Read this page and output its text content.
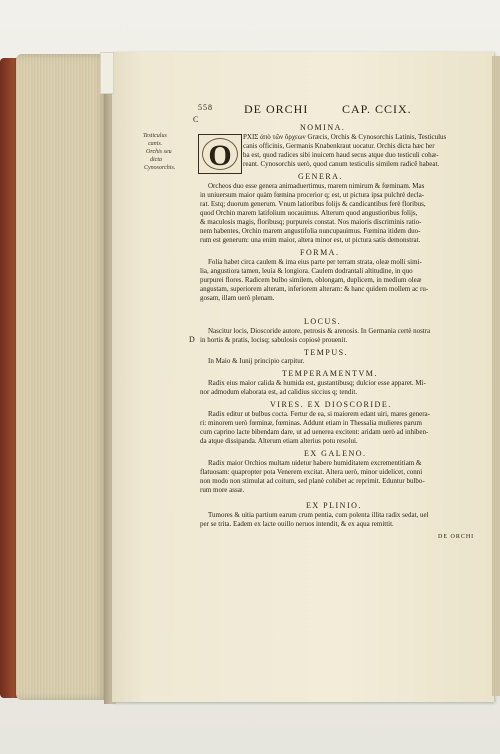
558	DE ORCHI	CAP. CCIX.
C
D
Testiculus
canis.
Orchis seu
dicta
Cynosorchis.	O
NOMINA.
ΡΧΙΣ ἀπὸ τῶν ὄρχεων Græcis, Orchis & Cynosorchis Latinis, Testiculus
canis officinis, Germanis Knabenkraut uocatur. Orchis dicta hæc her
ba est, quod radices sibi inuicem haud secus atque duo testiculi cohæ-
reant. Cynosorchis uerò, quod canum testiculis similem radicē habeat.
GENERA.
Orcheos duo esse genera animaduertimus, marem nimirum & fœminam. Mas
in uniuersum maior quàm fœmina procerior q; est, ut pictura ipsa pulchrè decla-
rat. Estq; duorum generum. Vnum latioribus folijs & candicantibus ferè floribus,
quod Orchin marem latifolium uocauimus. Alterum quod angustioribus folijs,
& maculosis magis, floribusq; purpureis constat. Nos maioris discriminis ratio-
nem habentes, Orchin marem angustifolia nuncupauimus. Fœmina itidem duo-
rum est generum: una enim maior, altera minor est, ut pictura satis demonstrat.
FORMA.
Folia habet circa caulem & ima eius parte per terram strata, oleæ molli simi-
lia, angustiora tamen, leuia & longiora. Caulem dodrantali altitudine, in quo
purpurei flores. Radicem bulbo similem, oblongam, duplicem, in medium oleæ
angustam, superiorem alteram, inferiorem alteram: & hanc quidem mollem ac ru-
gosam, illam uerò plenam.
LOCUS.
Nascitur locis, Dioscoride autore, petrosis & arenosis. In Germania certè nostra
in hortis & pratis, locisq; sabulosis copiosè prouenit.
TEMPUS.
In Maio & Iunij principio carpitur.
TEMPERAMENTVM.
Radix eius maior calida & humida est, gustantibusq; dulcior esse apparet. Mi-
nor admodum elaborata est, ad calidius siccius q; tendit.
VIRES. EX DIOSCORIDE.
Radix editur ut bulbus cocta. Fertur de ea, si maiorem edant uiri, mares genera-
ri: minorem uerò fœminæ, fœminas. Addunt etiam in Thessalia mulieres parum
cum caprino lacte bibendam dare, ut ad uenerea excitent: aridam uerò ad inhiben-
da atque dissipanda. Alterum etiam alterius potu resolui.
EX GALENO.
Radix maior Orchios multam uidetur habere humiditatem excrementitiam &
flatuosam: quapropter pota Venerem excitat. Altera uerò, minor uidelicet, conni
non modo non stimulat ad coitum, sed planè cohibet ac reprimit. Eduntur bulbo-
rum more assæ.
EX PLINIO.
Tumores & uitia partium earum crum pentia, cum polenta illita radix sedat, uel
per se trita. Eadem ex lacte ouillo neruos intendit, & ex aqua remittit.
DE ORCHI
